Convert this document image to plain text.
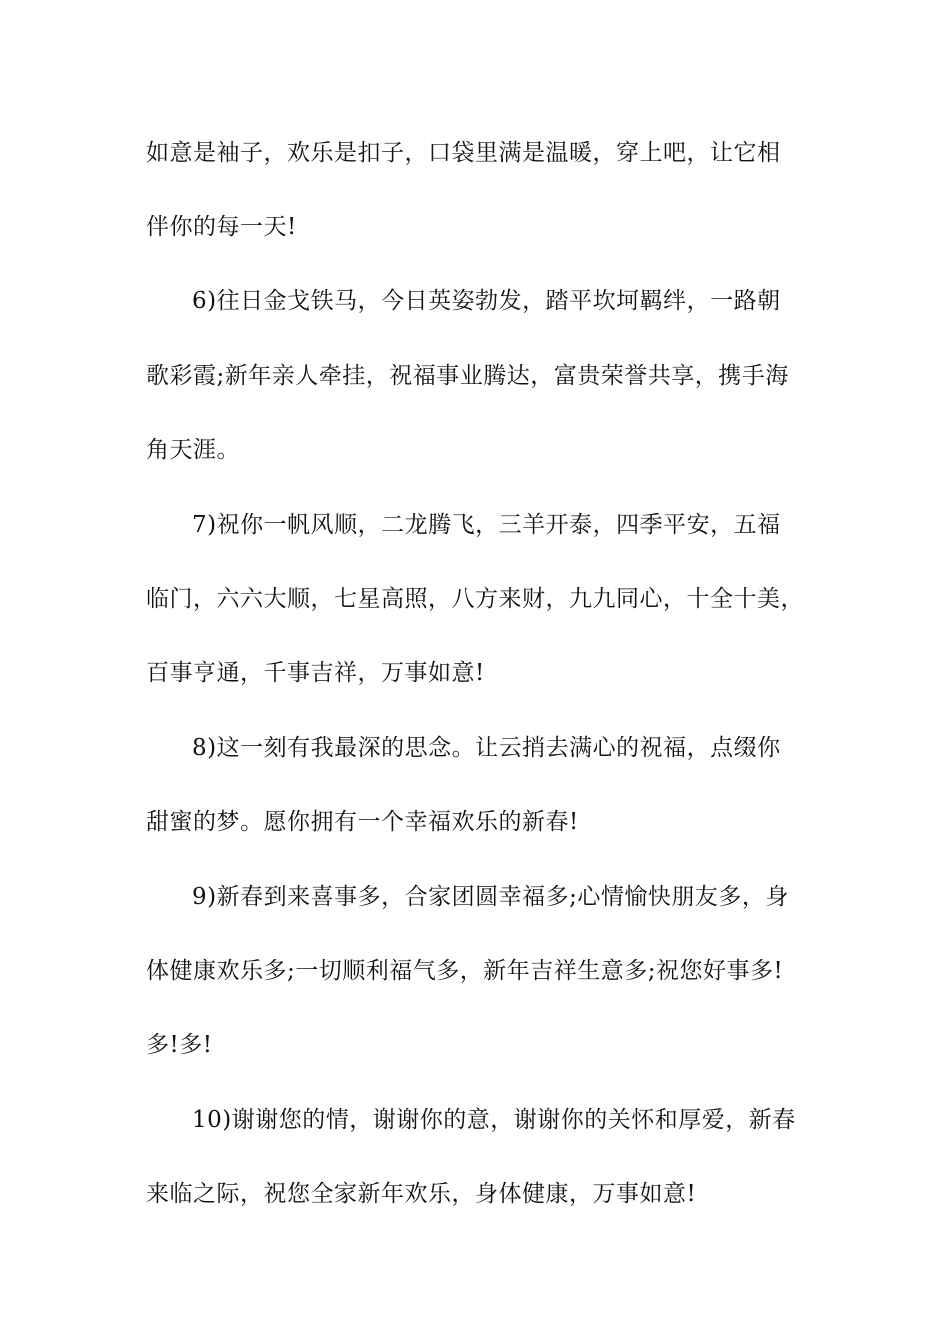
如意是袖子，欢乐是扣子，口袋里满是温暖，穿上吧，让它相
伴你的每一天!
6)往日金戈铁马，今日英姿勃发，踏平坎坷羁绊，一路朝
歌彩霞;新年亲人牵挂，祝福事业腾达，富贵荣誉共享，携手海
角天涯。
7)祝你一帆风顺，二龙腾飞，三羊开泰，四季平安，五福
临门，六六大顺，七星高照，八方来财，九九同心，十全十美，
百事亨通，千事吉祥，万事如意!
8)这一刻有我最深的思念。让云捎去满心的祝福，点缀你
甜蜜的梦。愿你拥有一个幸福欢乐的新春!
9)新春到来喜事多，合家团圆幸福多;心情愉快朋友多，身
体健康欢乐多;一切顺利福气多，新年吉祥生意多;祝您好事多!
多!多!
10)谢谢您的情，谢谢你的意，谢谢你的关怀和厚爱，新春
来临之际，祝您全家新年欢乐，身体健康，万事如意!
